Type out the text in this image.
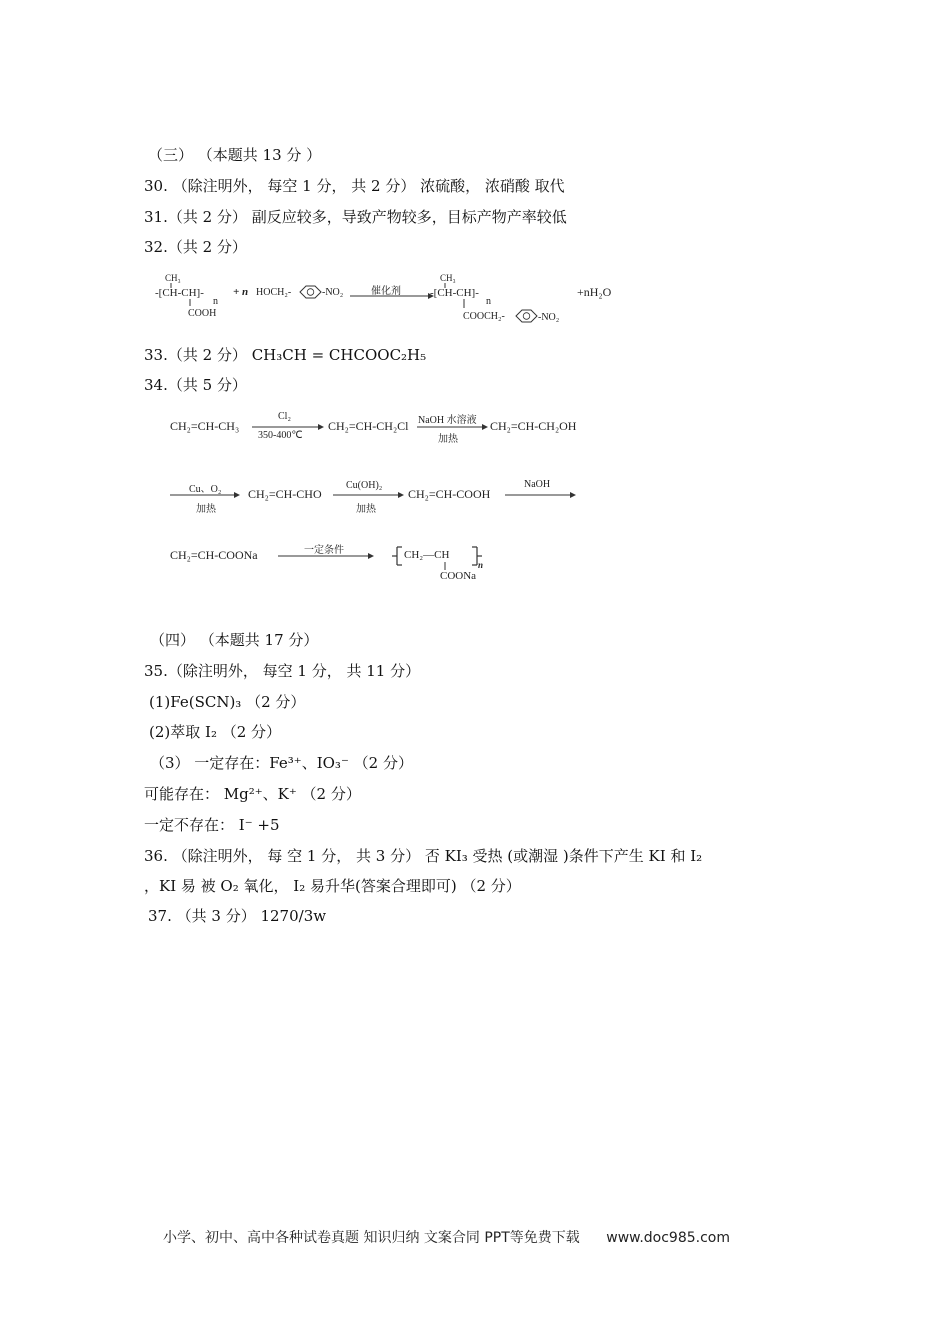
（三） （本题共 13 分 ）
30. （除注明外， 每空 1 分， 共 2 分） 浓硫酸， 浓硝酸 取代
31.（共 2 分） 副反应较多，导致产物较多，目标产物产率较低
32.（共 2 分）
CH₃
-[CH-CH]-
n
COOH
+ n HOCH₂-	-NO₂	催化剂
CH₃
-[CH-CH]-
n
COOCH₂-	-NO₂
+nH₂O
33.（共 2 分） CH₃CH = CHCOOC₂H₅
34.（共 5 分）
CH₂=CH-CH₃
Cl₂
350-400℃
CH₂=CH-CH₂Cl NaOH 水溶液
加热
CH₂=CH-CH₂OH
Cu、O₂
加热
CH₂=CH-CHO
Cu(OH)₂
加热
CH₂=CH-COOH
NaOH
CH₂=CH-COONa	一定条件	CH₂—CH
n
COONa
（四） （本题共 17 分）
35.（除注明外， 每空 1 分， 共 11 分）
(1)Fe(SCN)₃ （2 分）
(2)萃取 I₂ （2 分）
（3） 一定存在：Fe³⁺、IO₃⁻ （2 分）
可能存在： Mg²⁺、K⁺ （2 分）
一定不存在： I⁻ +5
36. （除注明外， 每 空 1 分， 共 3 分） 否 KI₃ 受热 (或潮湿 )条件下产生 KI 和 I₂
，KI 易 被 O₂ 氧化， I₂ 易升华(答案合理即可) （2 分）
37. （共 3 分） 1270/3w
小学、初中、高中各种试卷真题 知识归纳 文案合同 PPT等免费下载 www.doc985.com
